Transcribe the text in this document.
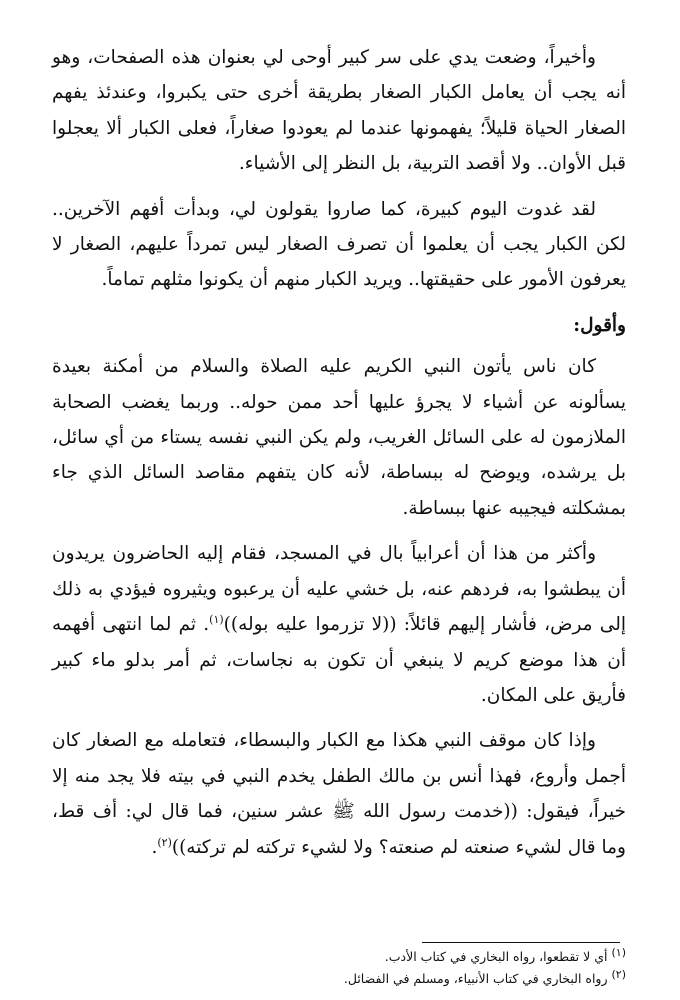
وأخيراً، وضعت يدي على سر كبير أوحى لي بعنوان هذه الصفحات، وهو أنه يجب أن يعامل الكبار الصغار بطريقة أخرى حتى يكبروا، وعندئذ يفهم الصغار الحياة قليلاً؛ يفهمونها عندما لم يعودوا صغاراً، فعلى الكبار ألا يعجلوا قبل الأوان.. ولا أقصد التربية، بل النظر إلى الأشياء.

لقد غدوت اليوم كبيرة، كما صاروا يقولون لي، وبدأت أفهم الآخرين.. لكن الكبار يجب أن يعلموا أن تصرف الصغار ليس تمرداً عليهم، الصغار لا يعرفون الأمور على حقيقتها.. ويريد الكبار منهم أن يكونوا مثلهم تماماً.

وأقول:

كان ناس يأتون النبي الكريم عليه الصلاة والسلام من أمكنة بعيدة يسألونه عن أشياء لا يجرؤ عليها أحد ممن حوله.. وربما يغضب الصحابة الملازمون له على السائل الغريب، ولم يكن النبي نفسه يستاء من أي سائل، بل يرشده، ويوضح له ببساطة، لأنه كان يتفهم مقاصد السائل الذي جاء بمشكلته فيجيبه عنها ببساطة.

وأكثر من هذا أن أعرابياً بال في المسجد، فقام إليه الحاضرون يريدون أن يبطشوا به، فردهم عنه، بل خشي عليه أن يرعبوه ويثيروه فيؤدي به ذلك إلى مرض، فأشار إليهم قائلاً: ((لا تزرموا عليه بوله))$^{(١)}$. ثم لما انتهى أفهمه أن هذا موضع كريم لا ينبغي أن تكون به نجاسات، ثم أمر بدلو ماء كبير فأريق على المكان.

وإذا كان موقف النبي هكذا مع الكبار والبسطاء، فتعامله مع الصغار كان أجمل وأروع، فهذا أنس بن مالك الطفل يخدم النبي في بيته فلا يجد منه إلا خيراً، فيقول: ((خدمت رسول الله ﷺ عشر سنين، فما قال لي: أف قط، وما قال لشيء صنعته لم صنعته؟ ولا لشيء تركته لم تركته))$^{(٢)}$.

$^{(١)}$ أي لا تقطعوا، رواه البخاري في كتاب الأدب.

$^{(٢)}$ رواه البخاري في كتاب الأنبياء، ومسلم في الفضائل.
